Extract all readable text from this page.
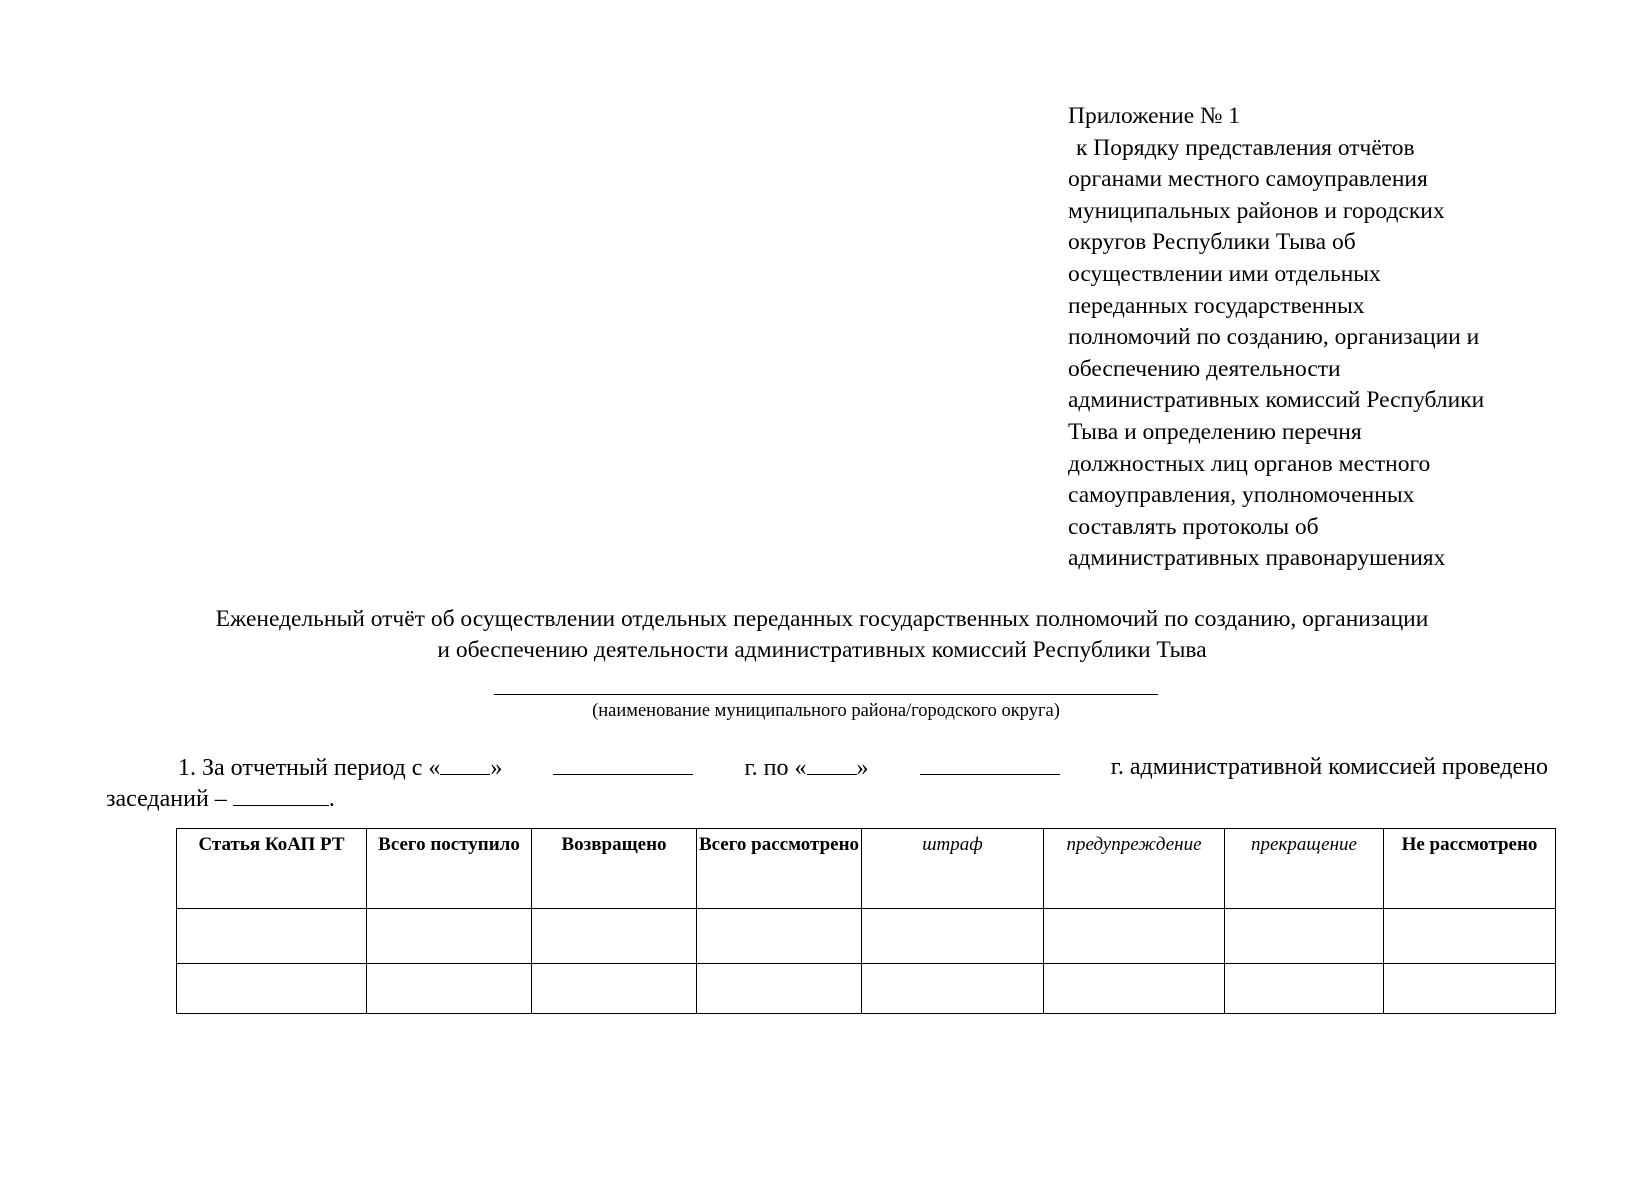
Приложение № 1
к Порядку представления отчётов
органами местного самоуправления
муниципальных районов и городских
округов Республики Тыва об
осуществлении ими отдельных
переданных государственных
полномочий по созданию, организации и
обеспечению деятельности
административных комиссий Республики
Тыва и определению перечня
должностных лиц органов местного
самоуправления, уполномоченных
составлять протоколы об
административных правонарушениях
Еженедельный отчёт об осуществлении отдельных переданных государственных полномочий по созданию, организации
и обеспечению деятельности административных комиссий Республики Тыва
(наименование муниципального района/городского округа)
1. За отчетный период с « »	г. по « »	г. административной комиссией проведено
заседаний –	.
Статья КоАП РТ	Всего поступило	Возвращено	Всего рассмотрено	штраф	предупреждение	прекращение	Не рассмотрено
